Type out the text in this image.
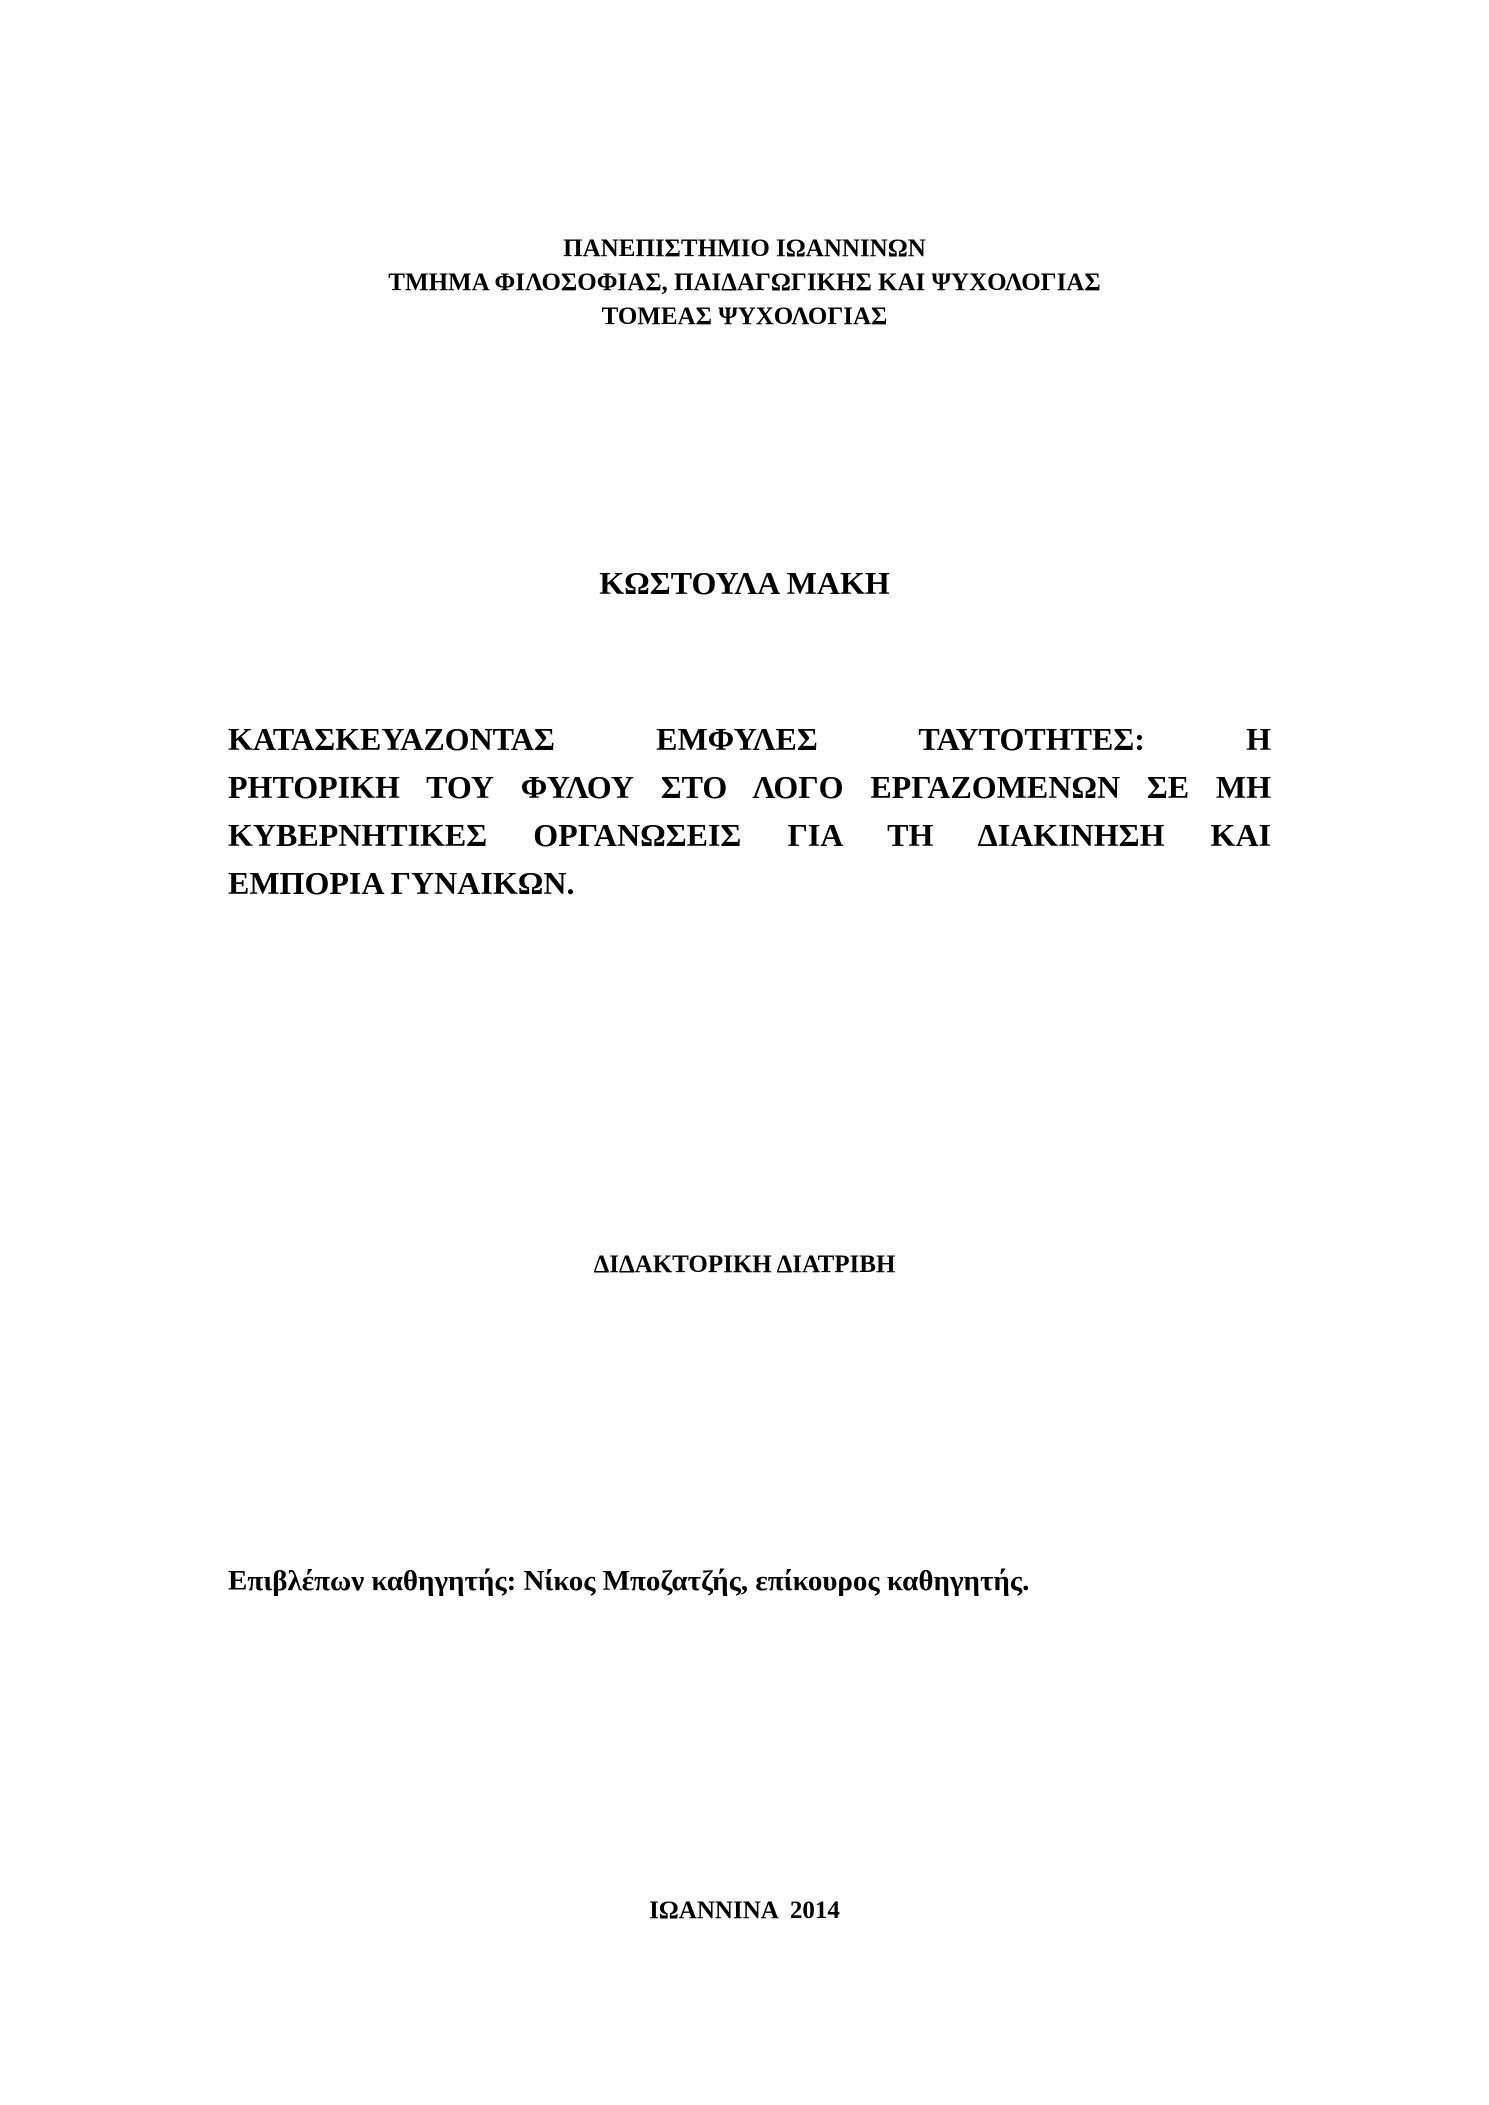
ΠΑΝΕΠΙΣΤΗΜΙΟ ΙΩΑΝΝΙΝΩΝ
ΤΜΗΜΑ ΦΙΛΟΣΟΦΙΑΣ, ΠΑΙΔΑΓΩΓΙΚΗΣ ΚΑΙ ΨΥΧΟΛΟΓΙΑΣ
ΤΟΜΕΑΣ ΨΥΧΟΛΟΓΙΑΣ
ΚΩΣΤΟΥΛΑ ΜΑΚΗ
ΚΑΤΑΣΚΕΥΑΖΟΝΤΑΣ ΕΜΦΥΛΕΣ ΤΑΥΤΟΤΗΤΕΣ: Η
ΡΗΤΟΡΙΚΗ ΤΟΥ ΦΥΛΟΥ ΣΤΟ ΛΟΓΟ ΕΡΓΑΖΟΜΕΝΩΝ ΣΕ ΜΗ
ΚΥΒΕΡΝΗΤΙΚΕΣ ΟΡΓΑΝΩΣΕΙΣ ΓΙΑ ΤΗ ΔΙΑΚΙΝΗΣΗ ΚΑΙ
ΕΜΠΟΡΙΑ ΓΥΝΑΙΚΩΝ.
ΔΙΔΑΚΤΟΡΙΚΗ ΔΙΑΤΡΙΒΗ
Επιβλέπων καθηγητής: Νίκος Μποζατζής, επίκουρος καθηγητής.
ΙΩΑΝΝΙΝΑ  2014
